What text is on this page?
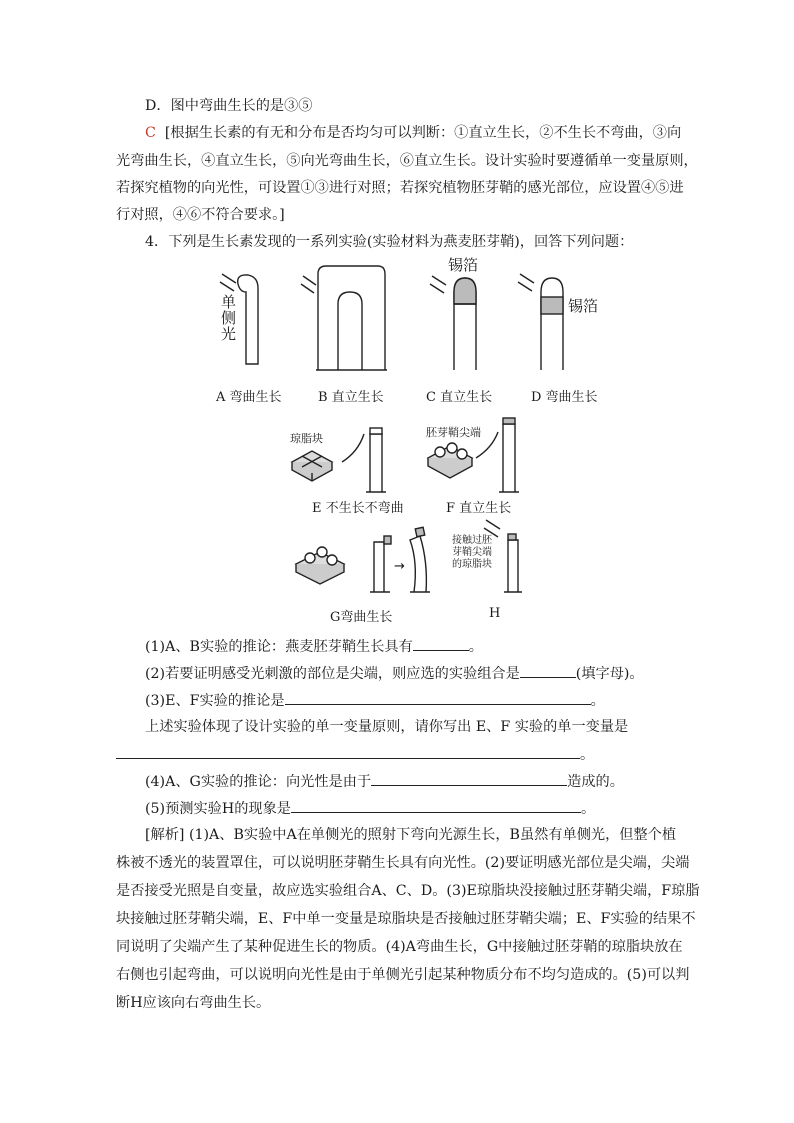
D．图中弯曲生长的是③⑤
C [根据生长素的有无和分布是否均匀可以判断：①直立生长，②不生长不弯曲，③向
光弯曲生长，④直立生长，⑤向光弯曲生长，⑥直立生长。设计实验时要遵循单一变量原则，
若探究植物的向光性，可设置①③进行对照；若探究植物胚芽鞘的感光部位，应设置④⑤进
行对照，④⑥不符合要求。]
4．下列是生长素发现的一系列实验(实验材料为燕麦胚芽鞘)，回答下列问题：
单
侧
光
锡箔
锡箔
琼脂块	胚芽鞘尖端
→
接触过胚
芽鞘尖端
的琼脂块
A 弯曲生长	B 直立生长	C 直立生长	D 弯曲生长
E 不生长不弯曲	F 直立生长
G弯曲生长	H
(1)A、B实验的推论：燕麦胚芽鞘生长具有	。
(2)若要证明感受光刺激的部位是尖端，则应选的实验组合是	(填字母)。
(3)E、F实验的推论是	。
上述实验体现了设计实验的单一变量原则，请你写出 E、F 实验的单一变量是
。
(4)A、G实验的推论：向光性是由于	造成的。
(5)预测实验H的现象是	。
[解析] (1)A、B实验中A在单侧光的照射下弯向光源生长，B虽然有单侧光，但整个植
株被不透光的装置罩住，可以说明胚芽鞘生长具有向光性。(2)要证明感光部位是尖端，尖端
是否接受光照是自变量，故应选实验组合A、C、D。(3)E琼脂块没接触过胚芽鞘尖端，F琼脂
块接触过胚芽鞘尖端，E、F中单一变量是琼脂块是否接触过胚芽鞘尖端；E、F实验的结果不
同说明了尖端产生了某种促进生长的物质。(4)A弯曲生长，G中接触过胚芽鞘的琼脂块放在
右侧也引起弯曲，可以说明向光性是由于单侧光引起某种物质分布不均匀造成的。(5)可以判
断H应该向右弯曲生长。
